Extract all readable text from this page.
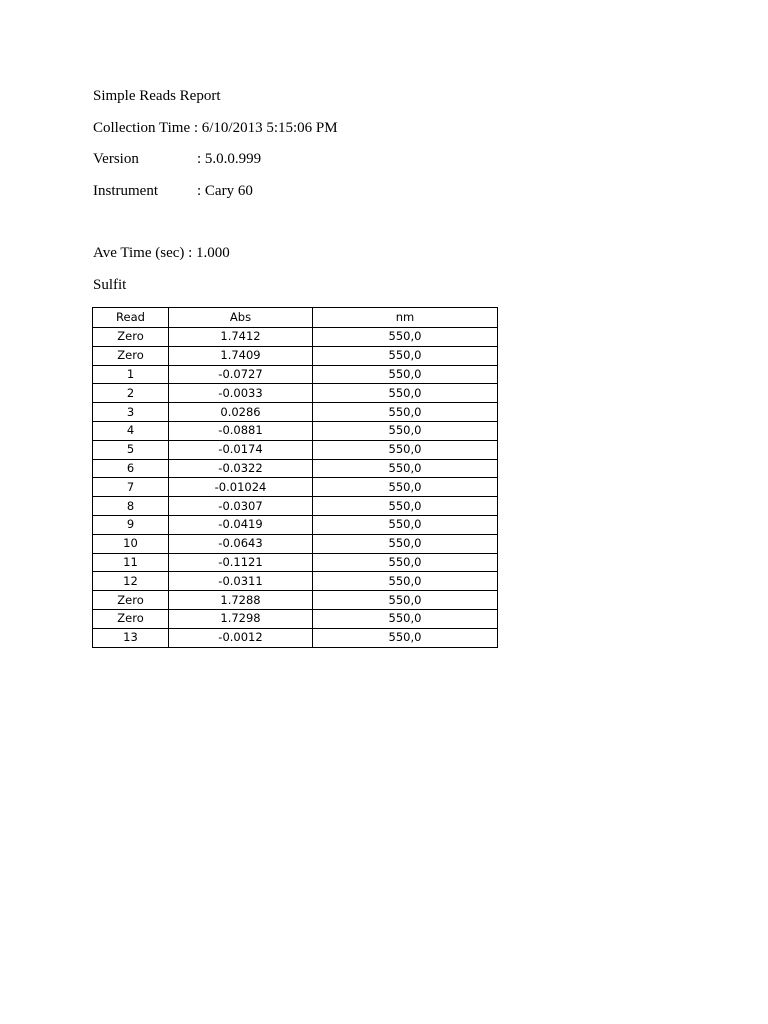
Simple Reads Report
Collection Time : 6/10/2013 5:15:06 PM
Version	: 5.0.0.999
Instrument	: Cary 60
Ave Time (sec) : 1.000
Sulfit
Read	Abs	nm
Zero	1.7412	550,0
Zero	1.7409	550,0
1	-0.0727	550,0
2	-0.0033	550,0
3	0.0286	550,0
4	-0.0881	550,0
5	-0.0174	550,0
6	-0.0322	550,0
7	-0.01024	550,0
8	-0.0307	550,0
9	-0.0419	550,0
10	-0.0643	550,0
11	-0.1121	550,0
12	-0.0311	550,0
Zero	1.7288	550,0
Zero	1.7298	550,0
13	-0.0012	550,0
